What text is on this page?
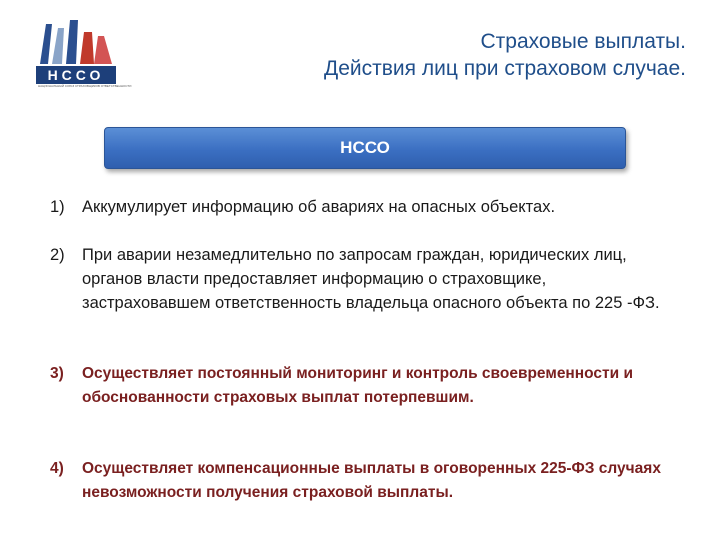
НССО
НАЦИОНАЛЬНЫЙ СОЮЗ СТРАХОВЩИКОВ ОТВЕТСТВЕННОСТИ
Страховые выплаты.
Действия лиц при страховом случае.
НССО
1)	Аккумулирует информацию об авариях на опасных объектах.
2)	При аварии незамедлительно по запросам граждан, юридических лиц, органов власти предоставляет информацию о страховщике, застраховавшем ответственность владельца опасного объекта по 225 -ФЗ.
3)	Осуществляет постоянный мониторинг и контроль своевременности и обоснованности страховых выплат потерпевшим.
4)	Осуществляет компенсационные выплаты в оговоренных 225-ФЗ случаях невозможности получения страховой выплаты.
